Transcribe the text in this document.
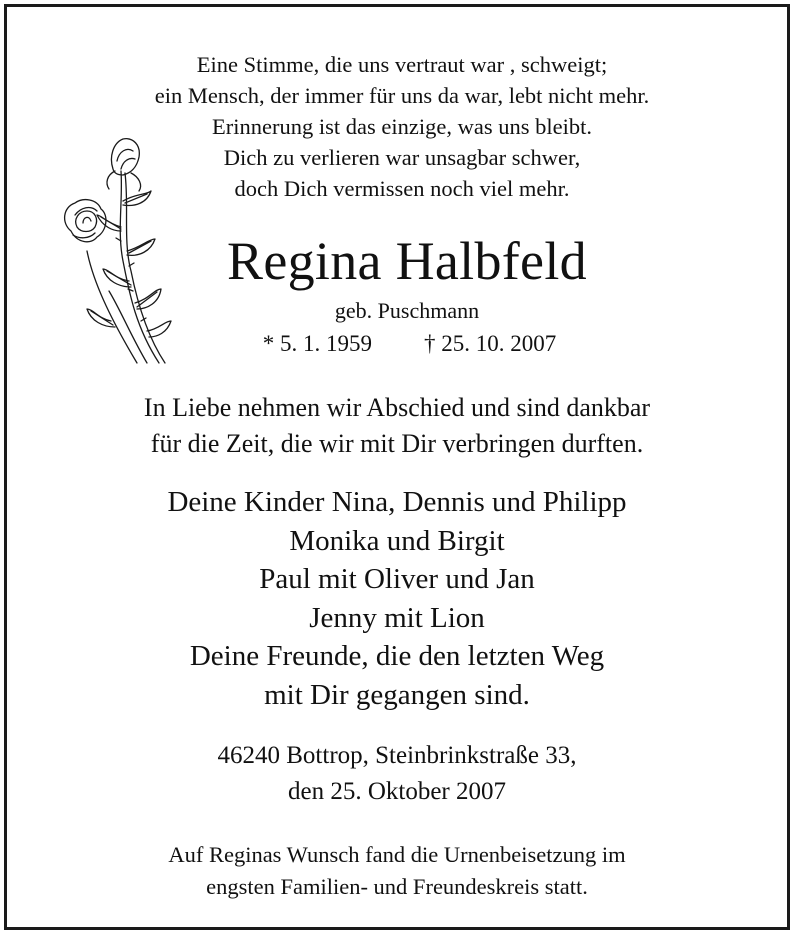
Eine Stimme, die uns vertraut war , schweigt;
ein Mensch, der immer für uns da war, lebt nicht mehr.
Erinnerung ist das einzige, was uns bleibt.
Dich zu verlieren war unsagbar schwer,
doch Dich vermissen noch viel mehr.
Regina Halbfeld
geb. Puschmann
* 5. 1. 1959 † 25. 10. 2007
In Liebe nehmen wir Abschied und sind dankbar
für die Zeit, die wir mit Dir verbringen durften.
Deine Kinder Nina, Dennis und Philipp
Monika und Birgit
Paul mit Oliver und Jan
Jenny mit Lion
Deine Freunde, die den letzten Weg
mit Dir gegangen sind.
46240 Bottrop, Steinbrinkstraße 33,
den 25. Oktober 2007
Auf Reginas Wunsch fand die Urnenbeisetzung im
engsten Familien- und Freundeskreis statt.
